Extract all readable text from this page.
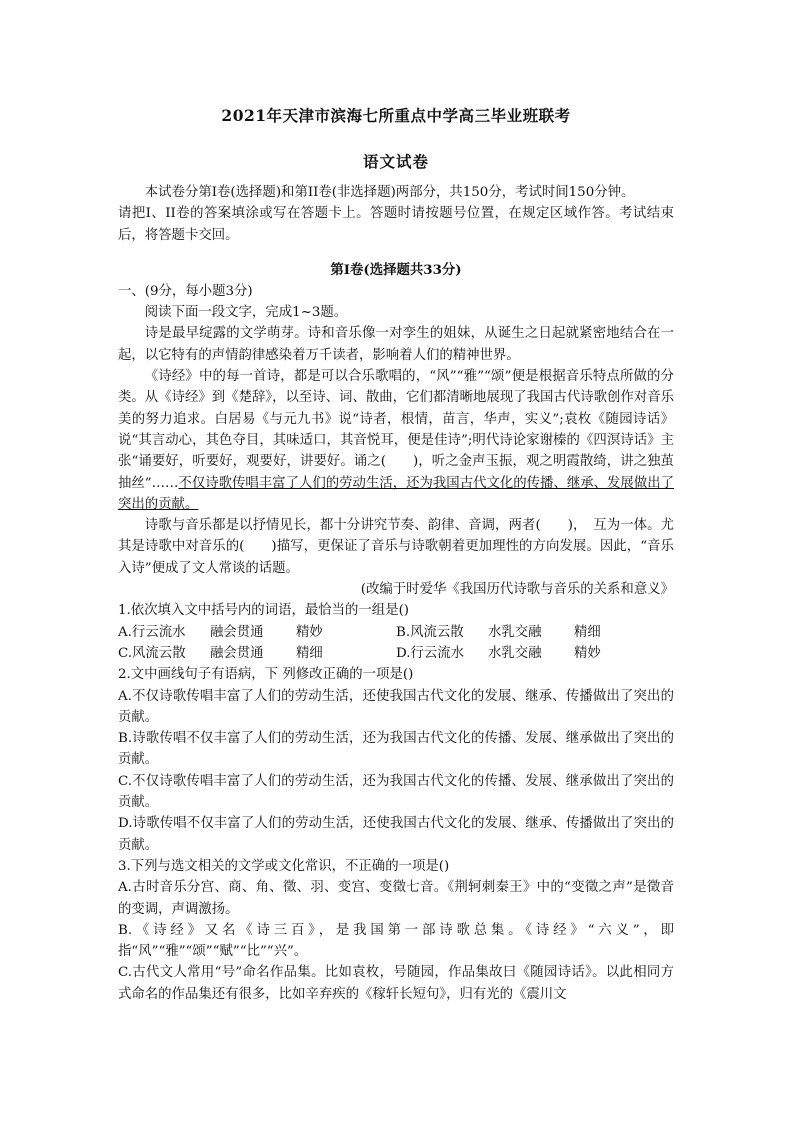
2021年天津市滨海七所重点中学高三毕业班联考
语文试卷

本试卷分第I卷(选择题)和第II卷(非选择题)两部分，共150分，考试时间150分钟。

请把I、II卷的答案填涂或写在答题卡上。答题时请按题号位置，在规定区域作答。考试结束后，将答题卡交回。

第I卷(选择题共33分)

一、(9分，每小题3分)

阅读下面一段文字，完成1~3题。

诗是最早绽露的文学萌芽。诗和音乐像一对孪生的姐妹，从诞生之日起就紧密地结合在一起，以它特有的声情韵律感染着万千读者，影响着人们的精神世界。

《诗经》中的每一首诗，都是可以合乐歌唱的，“风”“雅”“颂”便是根据音乐特点所做的分类。从《诗经》到《楚辞》，以至诗、词、散曲，它们都清晰地展现了我国古代诗歌创作对音乐美的努力追求。白居易《与元九书》说“诗者，根情，苗言，华声，实义”;袁枚《随园诗话》说“其言动心，其色夺目，其味适口，其音悦耳，便是佳诗”;明代诗论家谢榛的《四溟诗话》主张“诵要好，听要好，观要好，讲要好。诵之(　　)，听之金声玉振，观之明霞散绮，讲之独茧抽丝”……不仅诗歌传唱丰富了人们的劳动生活，还为我国古代文化的传播、继承、发展做出了突出的贡献。

诗歌与音乐都是以抒情见长，都十分讲究节奏、韵律、音调，两者(　　)，　互为一体。尤其是诗歌中对音乐的(　　)描写，更保证了音乐与诗歌朝着更加理性的方向发展。因此，“音乐入诗”便成了文人常谈的话题。

(改编于时爱华《我国历代诗歌与音乐的关系和意义》

1.依次填入文中括号内的词语，最恰当的一组是()

A.行云流水	融会贯通	精妙	B.风流云散	水乳交融	精细
C.风流云散	融会贯通	精细	D.行云流水	水乳交融	精妙

2.文中画线句子有语病，下 列修改正确的一项是()

A.不仅诗歌传唱丰富了人们的劳动生活，还使我国古代文化的发展、继承、传播做出了突出的贡献。

B.诗歌传唱不仅丰富了人们的劳动生活，还为我国古代文化的传播、发展、继承做出了突出的贡献。

C.不仅诗歌传唱丰富了人们的劳动生活，还为我国古代文化的传播、发展、继承做出了突出的贡献。

D.诗歌传唱不仅丰富了人们的劳动生活，还使我国古代文化的发展、继承、传播做出了突出的贡献。

3.下列与选文相关的文学或文化常识，不正确的一项是()

A.古时音乐分宫、商、角、徵、羽、变宫、变徵七音。《荆轲刺秦王》中的“变徵之声”是徵音的变调，声调激扬。

B.《诗经》又名《诗三百》，是我国第一部诗歌总集。《诗经》“六义”，即指“风”“雅”“颂”“赋”“比”“兴”。

C.古代文人常用“号”命名作品集。比如袁枚，号随园，作品集故曰《随园诗话》。以此相同方式命名的作品集还有很多，比如辛弃疾的《稼轩长短句》，归有光的《震川文
